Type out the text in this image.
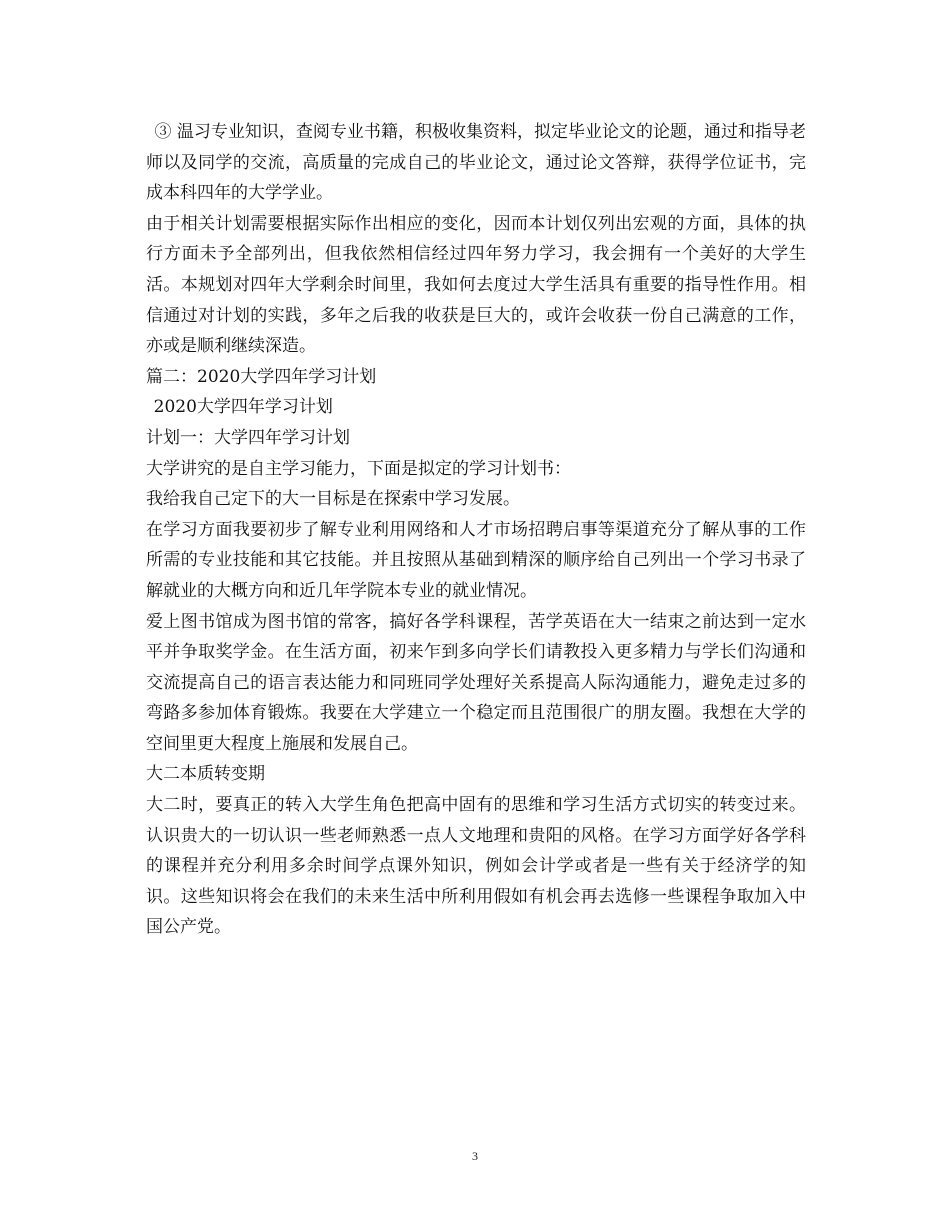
③ 温习专业知识，查阅专业书籍，积极收集资料，拟定毕业论文的论题，通过和指导老师以及同学的交流，高质量的完成自己的毕业论文，通过论文答辩，获得学位证书，完成本科四年的大学学业。

由于相关计划需要根据实际作出相应的变化，因而本计划仅列出宏观的方面，具体的执行方面未予全部列出，但我依然相信经过四年努力学习，我会拥有一个美好的大学生活。本规划对四年大学剩余时间里，我如何去度过大学生活具有重要的指导性作用。相信通过对计划的实践，多年之后我的收获是巨大的，或许会收获一份自己满意的工作，亦或是顺利继续深造。

篇二：2020大学四年学习计划

2020大学四年学习计划

计划一：大学四年学习计划

大学讲究的是自主学习能力，下面是拟定的学习计划书：

我给我自己定下的大一目标是在探索中学习发展。

在学习方面我要初步了解专业利用网络和人才市场招聘启事等渠道充分了解从事的工作所需的专业技能和其它技能。并且按照从基础到精深的顺序给自己列出一个学习书录了解就业的大概方向和近几年学院本专业的就业情况。

爱上图书馆成为图书馆的常客，搞好各学科课程，苦学英语在大一结束之前达到一定水平并争取奖学金。在生活方面，初来乍到多向学长们请教投入更多精力与学长们沟通和交流提高自己的语言表达能力和同班同学处理好关系提高人际沟通能力，避免走过多的弯路多参加体育锻炼。我要在大学建立一个稳定而且范围很广的朋友圈。我想在大学的空间里更大程度上施展和发展自己。

大二本质转变期

大二时，要真正的转入大学生角色把高中固有的思维和学习生活方式切实的转变过来。认识贵大的一切认识一些老师熟悉一点人文地理和贵阳的风格。在学习方面学好各学科的课程并充分利用多余时间学点课外知识，例如会计学或者是一些有关于经济学的知识。这些知识将会在我们的未来生活中所利用假如有机会再去选修一些课程争取加入中国公产党。

3
